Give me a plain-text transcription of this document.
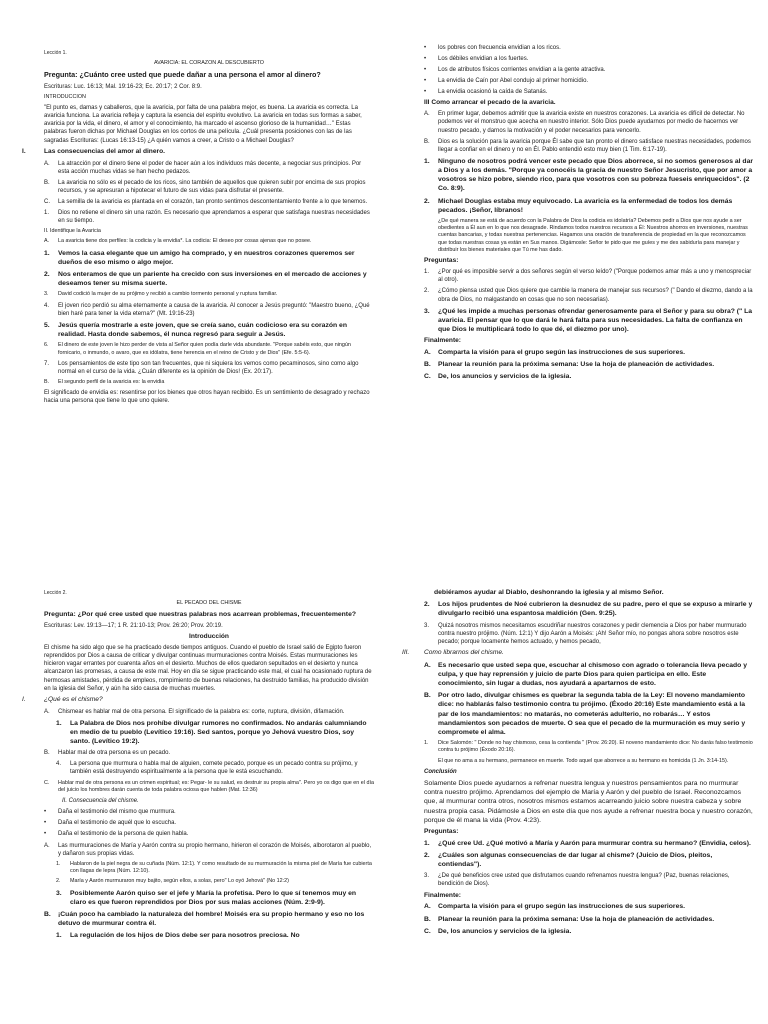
Lección 1.

AVARICIA: EL CORAZON AL DESCUBIERTO

Pregunta: ¿Cuánto cree usted que puede dañar a una persona el amor al dinero?

Escrituras: Luc. 16:13; Mal. 19:16-23; Ec. 20:17; 2 Cor. 8:9.

INTRODUCCION

"El punto es, damas y caballeros, que la avaricia, por falta de una palabra mejor, es buena. La avaricia es correcta. La avaricia funciona. La avaricia refleja y captura la esencia del espíritu evolutivo. La avaricia en todas sus formas a saber, avaricia por la vida, el dinero, el amor y el conocimiento, ha marcado el ascenso glorioso de la humanidad…" Estas palabras fueron dichas por Michael Douglas en los cortos de una película. ¿Cuál presenta posiciones con las de las sagradas Escrituras: (Lucas 16:13-15) ¿A quién vamos a creer, a Cristo o a Michael Douglas?

I.	Las consecuencias del amor al dinero.
A.	La atracción por el dinero tiene el poder de hacer aún a los individuos más decente, a negociar sus principios. Por esta acción muchas vidas se han hecho pedazos.
B.	La avaricia no sólo es el pecado de los ricos, sino también de aquellos que quieren subir por encima de sus propios recursos, y se apresuran a hipotecar el futuro de sus vidas para disfrutar el presente.
C.	La semilla de la avaricia es plantada en el corazón, tan pronto sentimos descontentamiento frente a lo que tenemos.
1.	Dios no retiene el dinero sin una razón. Es necesario que aprendamos a esperar que satisfaga nuestras necesidades en su tiempo.

II. Identifique la Avaricia

A.	La avaricia tiene dos perfiles: la codicia y la envidia*. La codicia: El deseo por cosas ajenas que no posee.
1.	Vemos la casa elegante que un amigo ha comprado, y en nuestros corazones queremos ser dueños de eso mismo o algo mejor.
2.	Nos enteramos de que un pariente ha crecido con sus inversiones en el mercado de acciones y deseamos tener su misma suerte.
3.	David codició la mujer de su prójimo y recibió a cambio tormento personal y ruptura familiar.
4.	El joven rico perdió su alma eternamente a causa de la avaricia. Al conocer a Jesús preguntó: "Maestro bueno, ¿Qué bien haré para tener la vida eterna?" (Mt. 19:16-23)
5.	Jesús quería mostrarle a este joven, que se creía sano, cuán codicioso era su corazón en realidad. Hasta donde sabemos, él nunca regresó para seguir a Jesús.
6.	El dinero de este joven le hizo perder de vista al Señor quien podía darle vida abundante. "Porque sabéis esto, que ningún fornicario, o inmundo, o avaro, que es idólatra, tiene herencia en el reino de Cristo y de Dios" (Efe. 5:5-6).
7.	Los pensamientos de este tipo son tan frecuentes, que ni siquiera los vemos como pecaminosos, sino como algo normal en el curso de la vida. ¿Cuán diferente es la opinión de Dios! (Ex. 20:17).
B.	El segundo perfil de la avaricia es: la envidia

El significado de envidia es: resentirse por los bienes que otros hayan recibido. Es un sentimiento de desagrado y rechazo hacia una persona que tiene lo que uno quiere.

•	los pobres con frecuencia envidian a los ricos.
•	Los débiles envidian a los fuertes.
•	Los de atributos físicos corrientes envidian a la gente atractiva.
•	La envidia de Caín por Abel condujo al primer homicidio.
•	La envidia ocasionó la caída de Satanás.

III Como arrancar el pecado de la avaricia.

A.	En primer lugar, debemos admitir que la avaricia existe en nuestros corazones. La avaricia es difícil de detectar. No podemos ver el monstruo que acecha en nuestro interior. Sólo Dios puede ayudarnos por medio de hacernos ver nuestro pecado, y darnos la motivación y el poder necesarios para vencerlo.
B.	Dios es la solución para la avaricia porque Él sabe que tan pronto el dinero satisface nuestras necesidades, podemos llegar a confiar en el dinero y no en Él. Pablo entendió esto muy bien (1 Tim. 6:17-19).
1.	Ninguno de nosotros podrá vencer este pecado que Dios aborrece, si no somos generosos al dar a Dios y a los demás. "Porque ya conocéis la gracia de nuestro Señor Jesucristo, que por amor a vosotros se hizo pobre, siendo rico, para que vosotros con su pobreza fueseis enriquecidos". (2 Co. 8:9).
2.	Michael Douglas estaba muy equivocado. La avaricia es la enfermedad de todos los demás pecados. ¡Señor, líbranos!
¿De qué manera se está de acuerdo con la Palabra de Dios la codicia es idolatría? Debemos pedir a Dios que nos ayude a ser obedientes a Él aun en lo que nos desagrade. Rindamos todos nuestros recursos a Él: Nuestros ahorros en inversiones, nuestras cuentas bancarias, y todas nuestras pertenencias. Hagamos una oración de transferencia de propiedad en la que reconozcamos que todas nuestras cosas ya están en Sus manos. Digámosle: Señor te pido que me guíes y me des sabiduría para manejar y distribuir los bienes materiales que Tú me has dado.

Preguntas:

1.	¿Por qué es imposible servir a dos señores según el verso leído? ("Porque podemos amar más a uno y menospreciar al otro).
2.	¿Cómo piensa usted que Dios quiere que cambie la manera de manejar sus recursos? (" Dando el diezmo, dando a la obra de Dios, no malgastando en cosas que no son necesarias).
3.	¿Qué les impide a muchas personas ofrendar generosamente para el Señor y para su obra? (" La avaricia. El pensar que lo que dará le hará falta para sus necesidades. La falta de confianza en que Dios le multiplicará todo lo que dé, el diezmo por uno).

Finalmente:

A.	Comparta la visión para el grupo según las instrucciones de sus superiores.
B.	Planear la reunión para la próxima semana: Use la hoja de planeación de actividades.
C.	De, los anuncios y servicios de la iglesia.

Lección 2.

EL PECADO DEL CHISME

Pregunta: ¿Por qué cree usted que nuestras palabras nos acarrean problemas, frecuentemente?

Escrituras: Lev. 19:13—17; 1 R. 21:10-13; Prov. 26:20; Prov. 20:19.

Introducción

El chisme ha sido algo que se ha practicado desde tiempos antiguos. Cuando el pueblo de Israel salió de Egipto fueron reprendidos por Dios a causa de criticar y divulgar continuas murmuraciones contra Moisés. Estas murmuraciones les hicieron vagar errantes por cuarenta años en el desierto. Muchos de ellos quedaron sepultados en el desierto y nunca alcanzaron las promesas, a causa de este mal. Hoy en día se sigue practicando este mal, el cual ha ocasionado ruptura de hermosas amistades, pérdida de empleos, rompimiento de buenas relaciones, ha destruido familias, ha producido división en la iglesia del Señor, y aún ha sido causa de muchas muertes.

I.	¿Qué es el chisme?
A.	Chismear es hablar mal de otra persona. El significado de la palabra es: corte, ruptura, división, difamación.
1.	La Palabra de Dios nos prohíbe divulgar rumores no confirmados. No andarás calumniando en medio de tu pueblo (Levítico 19:16). Sed santos, porque yo Jehová vuestro Dios, soy santo. (Levítico 19:2).
B.	Hablar mal de otra persona es un pecado.
4.	La persona que murmura o habla mal de alguien, comete pecado, porque es un pecado contra su prójimo, y también está destruyendo espiritualmente a la persona que le está escuchando.
C.	Hablar mal de otra persona es un crimen espiritual; es: Pegar- le su salud, es destruir su propia alma". Pero yo os digo que en el día del juicio los hombres darán cuenta de toda palabra ociosa que hablen (Mat. 12:36)

II. Consecuencia del chisme.

•	Daña el testimonio del mismo que murmura.
•	Daña el testimonio de aquél que lo escucha.
•	Daña el testimonio de la persona de quien habla.
A.	Las murmuraciones de María y Aarón contra su propio hermano, hirieron el corazón de Moisés, alborotaron al pueblo, y dañaron sus propias vidas.
1.	Hablaron de la piel negra de su cuñada (Núm. 12:1). Y como resultado de su murmuración la misma piel de María fue cubierta con llagas de lepra (Núm. 12:10).
2.	María y Aarón murmuraron muy bajito, según ellos, a solas, pero" Lo oyó Jehová" (No 12:2)
3.	Posiblemente Aarón quiso ser el jefe y María la profetisa. Pero lo que sí tenemos muy en claro es que fueron reprendidos por Dios por sus malas acciones (Núm. 2:9-9).
B.	¡Cuán poco ha cambiado la naturaleza del hombre! Moisés era su propio hermano y eso no los detuvo de murmurar contra él.
1.	La regulación de los hijos de Dios debe ser para nosotros preciosa. No

debiéramos ayudar al Diablo, deshonrando la iglesia y al mismo Señor.

2.	Los hijos prudentes de Noé cubrieron la desnudez de su padre, pero el que se expuso a mirarle y divulgarlo recibió una espantosa maldición (Gen. 9:25).
3.	Quizá nosotros mismos necesitamos escudriñar nuestros corazones y pedir clemencia a Dios por haber murmurado contra nuestro prójimo. (Núm. 12:1) Y dijo Aarón a Moisés: ¡Ah! Señor mío, no pongas ahora sobre nosotros este pecado; porque locamente hemos actuado, y hemos pecado,
III.	Como librarnos del chisme.
A.	Es necesario que usted sepa que, escuchar al chismoso con agrado o tolerancia lleva pecado y culpa, y que hay reprensión y juicio de parte Dios para quien participa en ello. Este conocimiento, sin lugar a dudas, nos ayudará a apartarnos de esto.
B.	Por otro lado, divulgar chismes es quebrar la segunda tabla de la Ley: El noveno mandamiento dice: no hablarás falso testimonio contra tu prójimo. (Éxodo 20:16) Este mandamiento está a la par de los mandamientos: no matarás, no cometerás adulterio, no robarás… Y estos mandamientos son pecados de muerte. O sea que el pecado de la murmuración es muy serio y compromete el alma.
1.	Dice Salomón: " Donde no hay chismoso, cesa la contienda " (Prov. 26:20). El noveno mandamiento dice: No darás falso testimonio contra tu prójimo (Éxodo 20:16).
El que no ama a su hermano, permanece en muerte. Todo aquel que aborrece a su hermano es homicida (1 Jn. 3:14-15).

Conclusión

Solamente Dios puede ayudarnos a refrenar nuestra lengua y nuestros pensamientos para no murmurar contra nuestro prójimo. Aprendamos del ejemplo de María y Aarón y del pueblo de Israel. Reconozcamos que, al murmurar contra otros, nosotros mismos estamos acarreando juicio sobre nuestra cabeza y sobre nuestra propia casa. Pidámosle a Dios en este día que nos ayude a refrenar nuestra boca y nuestro corazón, porque de él mana la vida (Prov. 4:23).

Preguntas:

1.	¿Qué cree Ud. ¿Qué motivó a María y Aarón para murmurar contra su hermano? (Envidia, celos).
2.	¿Cuáles son algunas consecuencias de dar lugar al chisme? (Juicio de Dios, pleitos, contiendas").
3.	¿De qué beneficios cree usted que disfrutamos cuando refrenamos nuestra lengua? (Paz, buenas relaciones, bendición de Dios).

Finalmente:

A.	Comparta la visión para el grupo según las instrucciones de sus superiores.
B.	Planear la reunión para la próxima semana: Use la hoja de planeación de actividades.
C.	De, los anuncios y servicios de la iglesia.
